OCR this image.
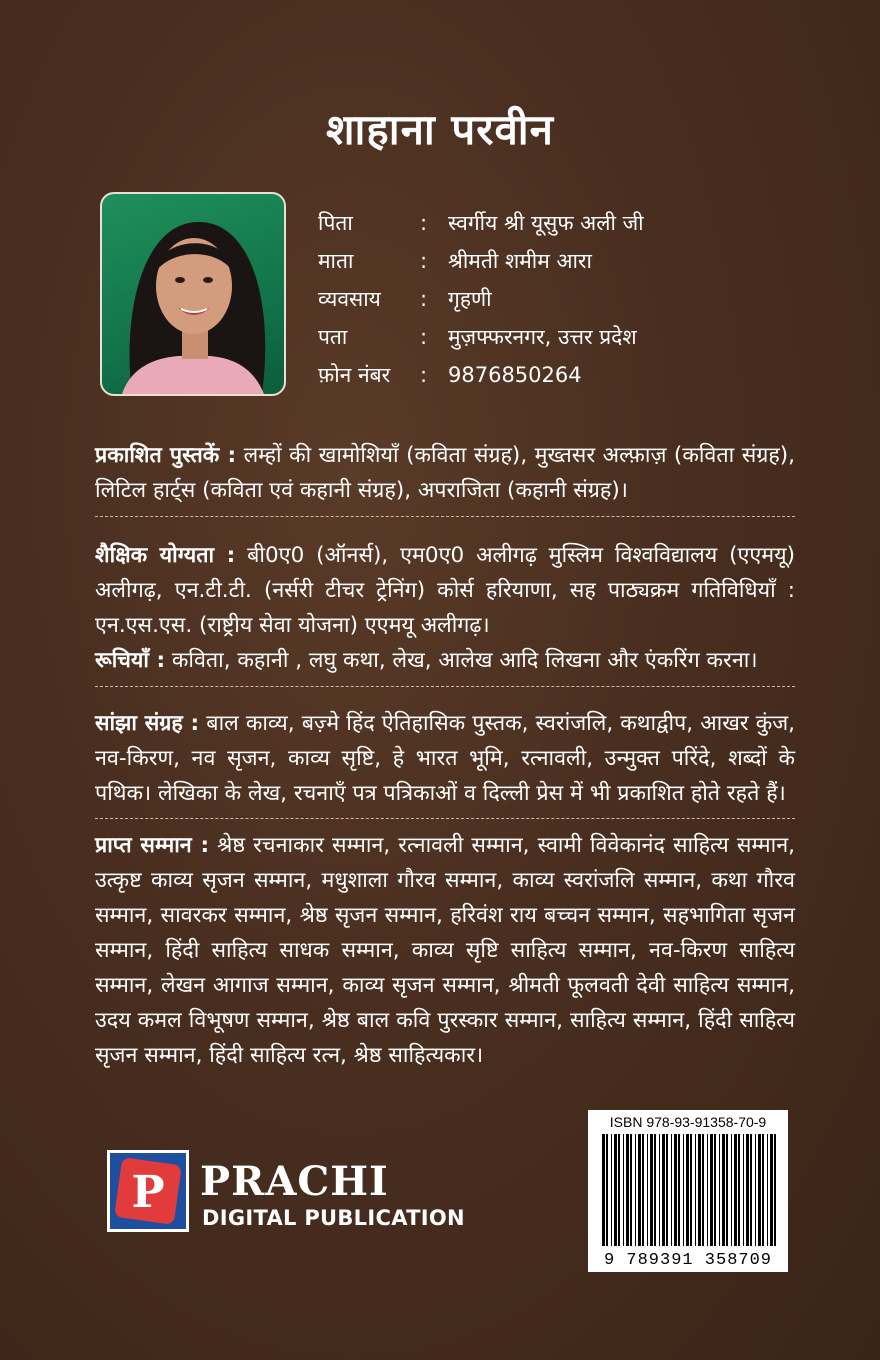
शाहाना परवीन
पिता	: स्वर्गीय श्री यूसुफ अली जी
माता	: श्रीमती शमीम आरा
व्यवसाय	: गृहणी
पता	: मुज़फ्फरनगर, उत्तर प्रदेश
फ़ोन नंबर	: 9876850264
प्रकाशित पुस्तकें : लम्हों की खामोशियाँ (कविता संग्रह), मुख्तसर अल्फ़ाज़ (कविता संग्रह), लिटिल हार्ट्स (कविता एवं कहानी संग्रह), अपराजिता (कहानी संग्रह)।
शैक्षिक योग्यता : बी0ए0 (ऑनर्स), एम0ए0 अलीगढ़ मुस्लिम विश्वविद्यालय (एएमयू) अलीगढ़, एन.टी.टी. (नर्सरी टीचर ट्रेनिंग) कोर्स हरियाणा, सह पाठ्यक्रम गतिविधियाँ : एन.एस.एस. (राष्ट्रीय सेवा योजना) एएमयू अलीगढ़।
रूचियाँ : कविता, कहानी , लघु कथा, लेख, आलेख आदि लिखना और एंकरिंग करना।
सांझा संग्रह : बाल काव्य, बज़्मे हिंद ऐतिहासिक पुस्तक, स्वरांजलि, कथाद्वीप, आखर कुंज, नव-किरण, नव सृजन, काव्य सृष्टि, हे भारत भूमि, रत्नावली, उन्मुक्त परिंदे, शब्दों के पथिक। लेखिका के लेख, रचनाएँ पत्र पत्रिकाओं व दिल्ली प्रेस में भी प्रकाशित होते रहते हैं।
प्राप्त सम्मान : श्रेष्ठ रचनाकार सम्मान, रत्नावली सम्मान, स्वामी विवेकानंद साहित्य सम्मान, उत्कृष्ट काव्य सृजन सम्मान, मधुशाला गौरव सम्मान, काव्य स्वरांजलि सम्मान, कथा गौरव सम्मान, सावरकर सम्मान, श्रेष्ठ सृजन सम्मान, हरिवंश राय बच्चन सम्मान, सहभागिता सृजन सम्मान, हिंदी साहित्य साधक सम्मान, काव्य सृष्टि साहित्य सम्मान, नव-किरण साहित्य सम्मान, लेखन आगाज सम्मान, काव्य सृजन सम्मान, श्रीमती फूलवती देवी साहित्य सम्मान, उदय कमल विभूषण सम्मान, श्रेष्ठ बाल कवि पुरस्कार सम्मान, साहित्य सम्मान, हिंदी साहित्य सृजन सम्मान, हिंदी साहित्य रत्न, श्रेष्ठ साहित्यकार।
P PRACHI
DIGITAL PUBLICATION
ISBN 978-93-91358-70-9
9 789391 358709
